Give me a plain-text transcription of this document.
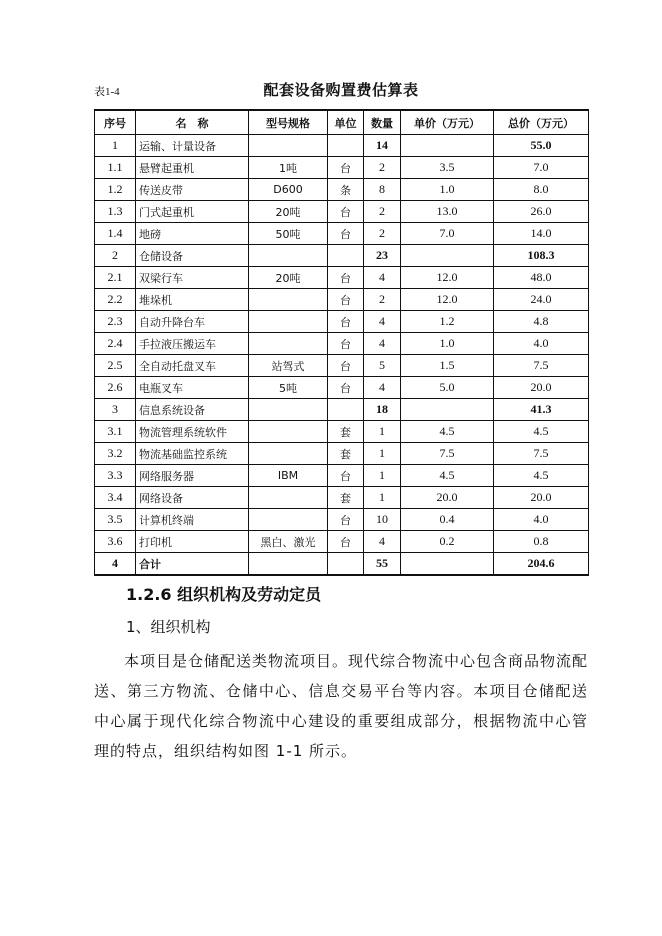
表1-4	配套设备购置费估算表
序号	名　称	型号规格	单位	数量	单价（万元）	总价（万元）
1	运输、计量设备			14		55.0
1.1	悬臂起重机	1吨	台	2	3.5	7.0
1.2	传送皮带	D600	条	8	1.0	8.0
1.3	门式起重机	20吨	台	2	13.0	26.0
1.4	地磅	50吨	台	2	7.0	14.0
2	仓储设备			23		108.3
2.1	双梁行车	20吨	台	4	12.0	48.0
2.2	堆垛机		台	2	12.0	24.0
2.3	自动升降台车		台	4	1.2	4.8
2.4	手拉液压搬运车		台	4	1.0	4.0
2.5	全自动托盘叉车	站驾式	台	5	1.5	7.5
2.6	电瓶叉车	5吨	台	4	5.0	20.0
3	信息系统设备			18		41.3
3.1	物流管理系统软件		套	1	4.5	4.5
3.2	物流基础监控系统		套	1	7.5	7.5
3.3	网络服务器	IBM	台	1	4.5	4.5
3.4	网络设备		套	1	20.0	20.0
3.5	计算机终端		台	10	0.4	4.0
3.6	打印机	黑白、激光	台	4	0.2	0.8
4	合计			55		204.6
1.2.6 组织机构及劳动定员
1、组织机构

本项目是仓储配送类物流项目。现代综合物流中心包含商品物流配送、第三方物流、仓储中心、信息交易平台等内容。本项目仓储配送中心属于现代化综合物流中心建设的重要组成部分，根据物流中心管理的特点，组织结构如图 1-1 所示。
